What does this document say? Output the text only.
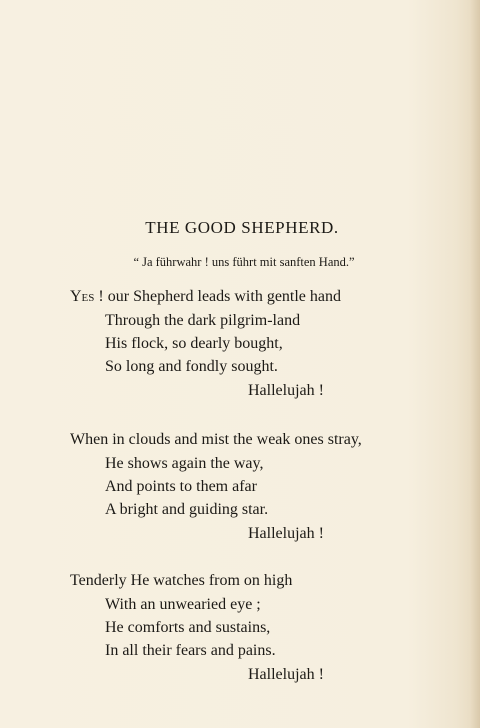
THE GOOD SHEPHERD.
“ Ja führwahr ! uns führt mit sanften Hand.”
Yes ! our Shepherd leads with gentle hand
Through the dark pilgrim-land
His flock, so dearly bought,
So long and fondly sought.
Hallelujah !
When in clouds and mist the weak ones stray,
He shows again the way,
And points to them afar
A bright and guiding star.
Hallelujah !
Tenderly He watches from on high
With an unwearied eye ;
He comforts and sustains,
In all their fears and pains.
Hallelujah !
